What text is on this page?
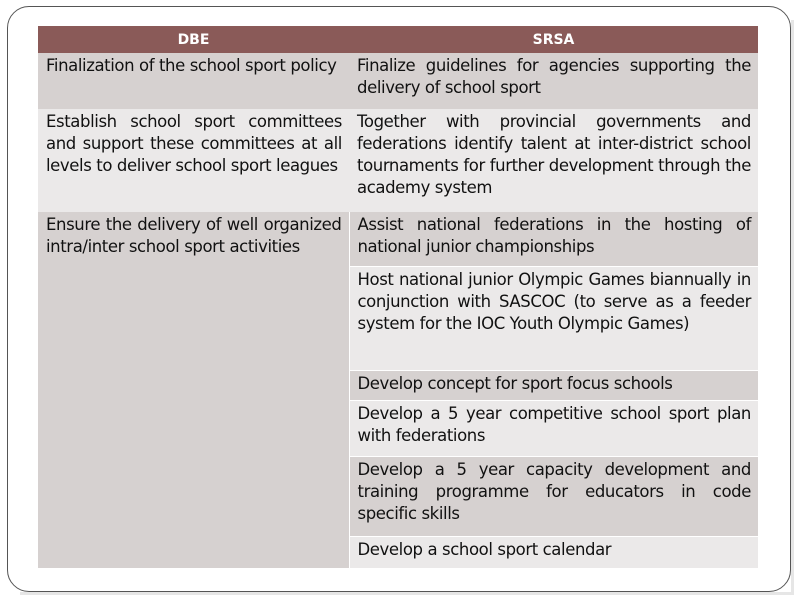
DBE	SRSA
Finalization of the school sport policy	Finalize guidelines for agencies supporting the delivery of school sport
Establish school sport committees and support these committees at all levels to deliver school sport leagues	Together with provincial governments and federations identify talent at inter-district school tournaments for further development through the academy system
Ensure the delivery of well organized intra/inter school sport activities	Assist national federations in the hosting of national junior championships
	Host national junior Olympic Games biannually in conjunction with SASCOC (to serve as a feeder system for the IOC Youth Olympic Games)
	Develop concept for sport focus schools
	Develop a 5 year competitive school sport plan with federations
	Develop a 5 year capacity development and training programme for educators in code specific skills
	Develop a school sport calendar
